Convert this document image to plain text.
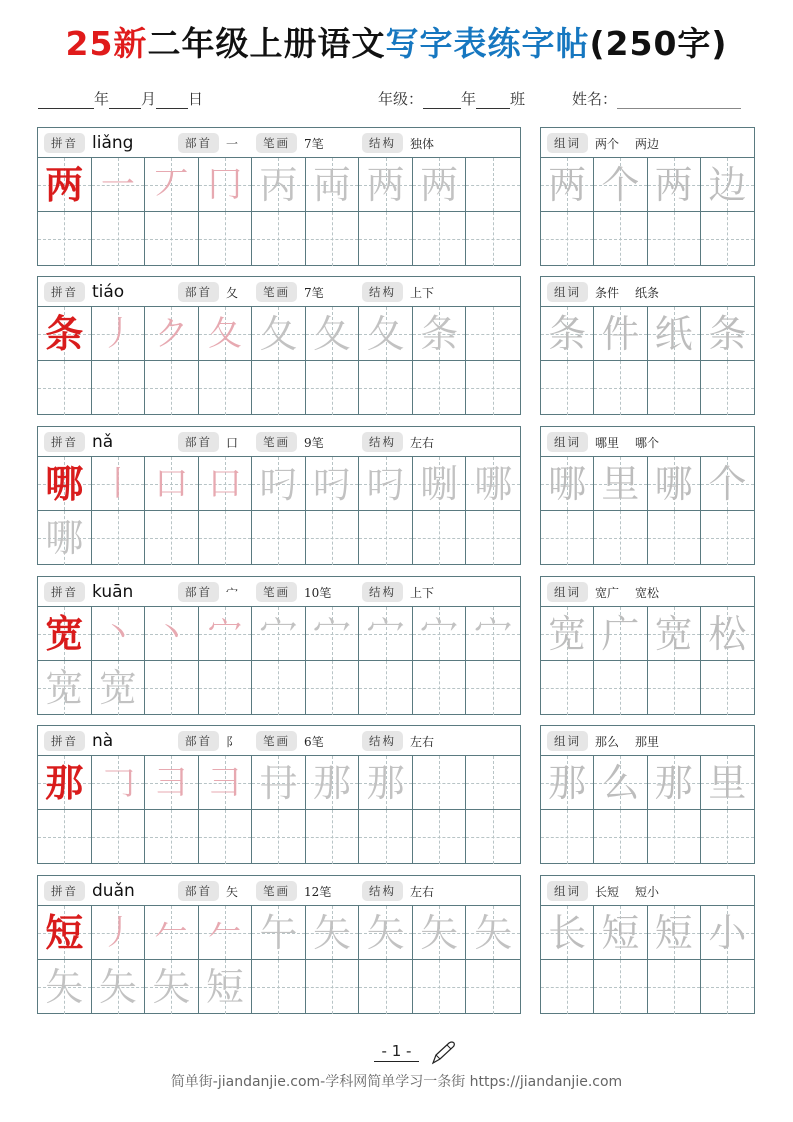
25新二年级上册语文写字表练字帖(250字)
年 月 日	年级：	年 班	姓名：
拼音 liǎng	部首	一	笔画	7笔	结构	独体
两 一 丆 冂 丙 両 两 两
组词	两个 两边
两 个 两 边
拼音 tiáo	部首	夂	笔画	7笔	结构	上下
条 丿 ク 夂 夂 夂 夂 条
组词	条件 纸条
条 件 纸 条
拼音 nǎ	部首	口	笔画	9笔	结构	左右
哪 丨 口 口 叼 叼 叼 哵 哪
哪
组词	哪里 哪个
哪 里 哪 个
拼音 kuān	部首	宀	笔画	10笔	结构	上下
宽 丶 丶 宀 宀 宀 宀 宀 宀
宽 宽
组词	宽广 宽松
宽 广 宽 松
拼音 nà	部首	阝	笔画	6笔	结构	左右
那 𠃌 彐 彐 冄 那 那
组词	那么 那里
那 么 那 里
拼音 duǎn	部首	矢	笔画	12笔	结构	左右
短 丿 𠂉 𠂉 午 矢 矢 矢 矢
矢 矢 矢 短
组词	长短 短小
长 短 短 小
- 1 -
简单街-jiandanjie.com-学科网简单学习一条街 https://jiandanjie.com
